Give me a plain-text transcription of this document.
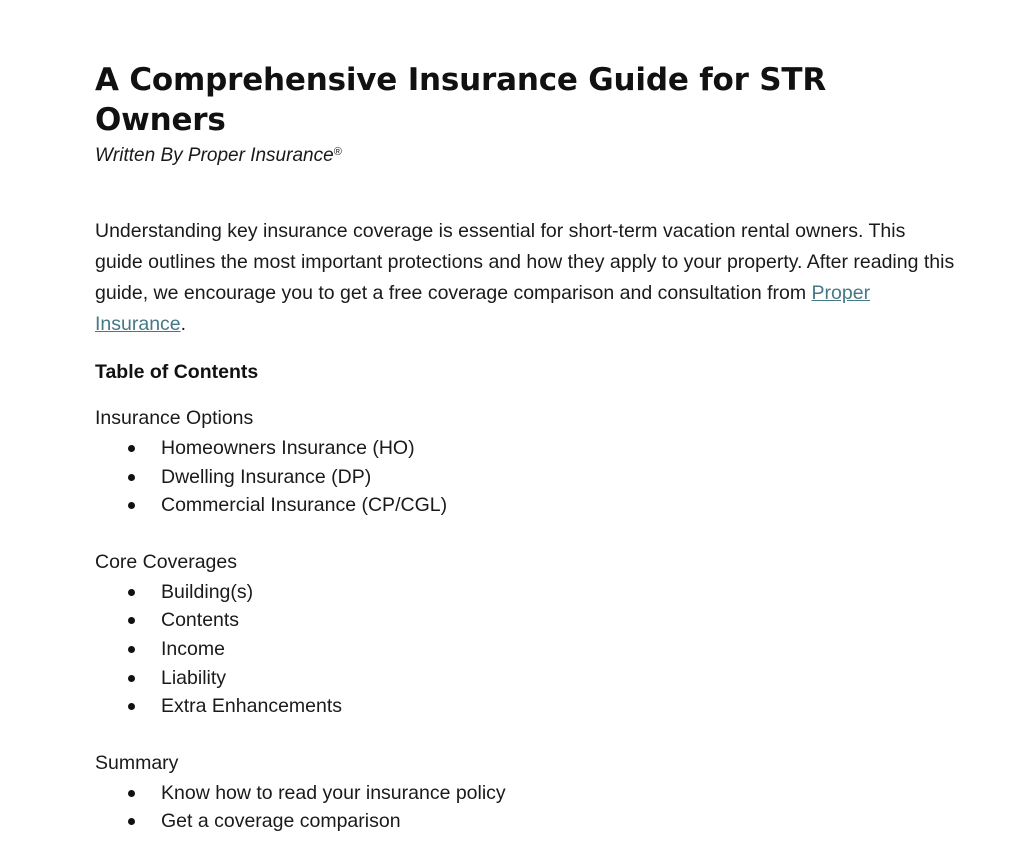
A Comprehensive Insurance Guide for STR Owners

Written By Proper Insurance®

Understanding key insurance coverage is essential for short-term vacation rental owners. This guide outlines the most important protections and how they apply to your property. After reading this guide, we encourage you to get a free coverage comparison and consultation from Proper Insurance.

Table of Contents

Insurance Options

Homeowners Insurance (HO)
Dwelling Insurance (DP)
Commercial Insurance (CP/CGL)

Core Coverages

Building(s)
Contents
Income
Liability
Extra Enhancements

Summary

Know how to read your insurance policy
Get a coverage comparison
